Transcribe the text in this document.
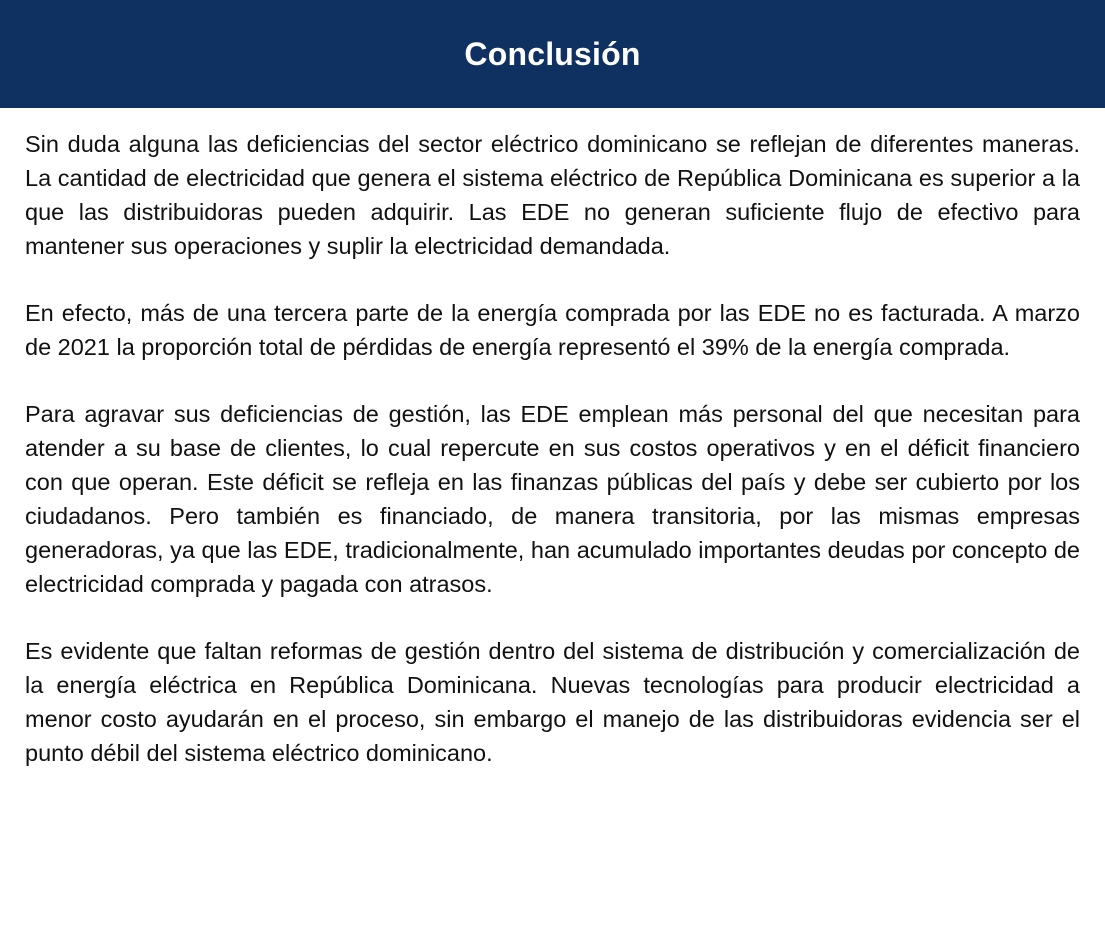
Conclusión

Sin duda alguna las deficiencias del sector eléctrico dominicano se reflejan de diferentes maneras. La cantidad de electricidad que genera el sistema eléctrico de República Dominicana es superior a la que las distribuidoras pueden adquirir. Las EDE no generan suficiente flujo de efectivo para mantener sus operaciones y suplir la electricidad demandada.

En efecto, más de una tercera parte de la energía comprada por las EDE no es facturada. A marzo de 2021 la proporción total de pérdidas de energía representó el 39% de la energía comprada.

Para agravar sus deficiencias de gestión, las EDE emplean más personal del que necesitan para atender a su base de clientes, lo cual repercute en sus costos operativos y en el déficit financiero con que operan. Este déficit se refleja en las finanzas públicas del país y debe ser cubierto por los ciudadanos. Pero también es financiado, de manera transitoria, por las mismas empresas generadoras, ya que las EDE, tradicionalmente, han acumulado importantes deudas por concepto de electricidad comprada y pagada con atrasos.

Es evidente que faltan reformas de gestión dentro del sistema de distribución y comercialización de la energía eléctrica en República Dominicana. Nuevas tecnologías para producir electricidad a menor costo ayudarán en el proceso, sin embargo el manejo de las distribuidoras evidencia ser el punto débil del sistema eléctrico dominicano.
